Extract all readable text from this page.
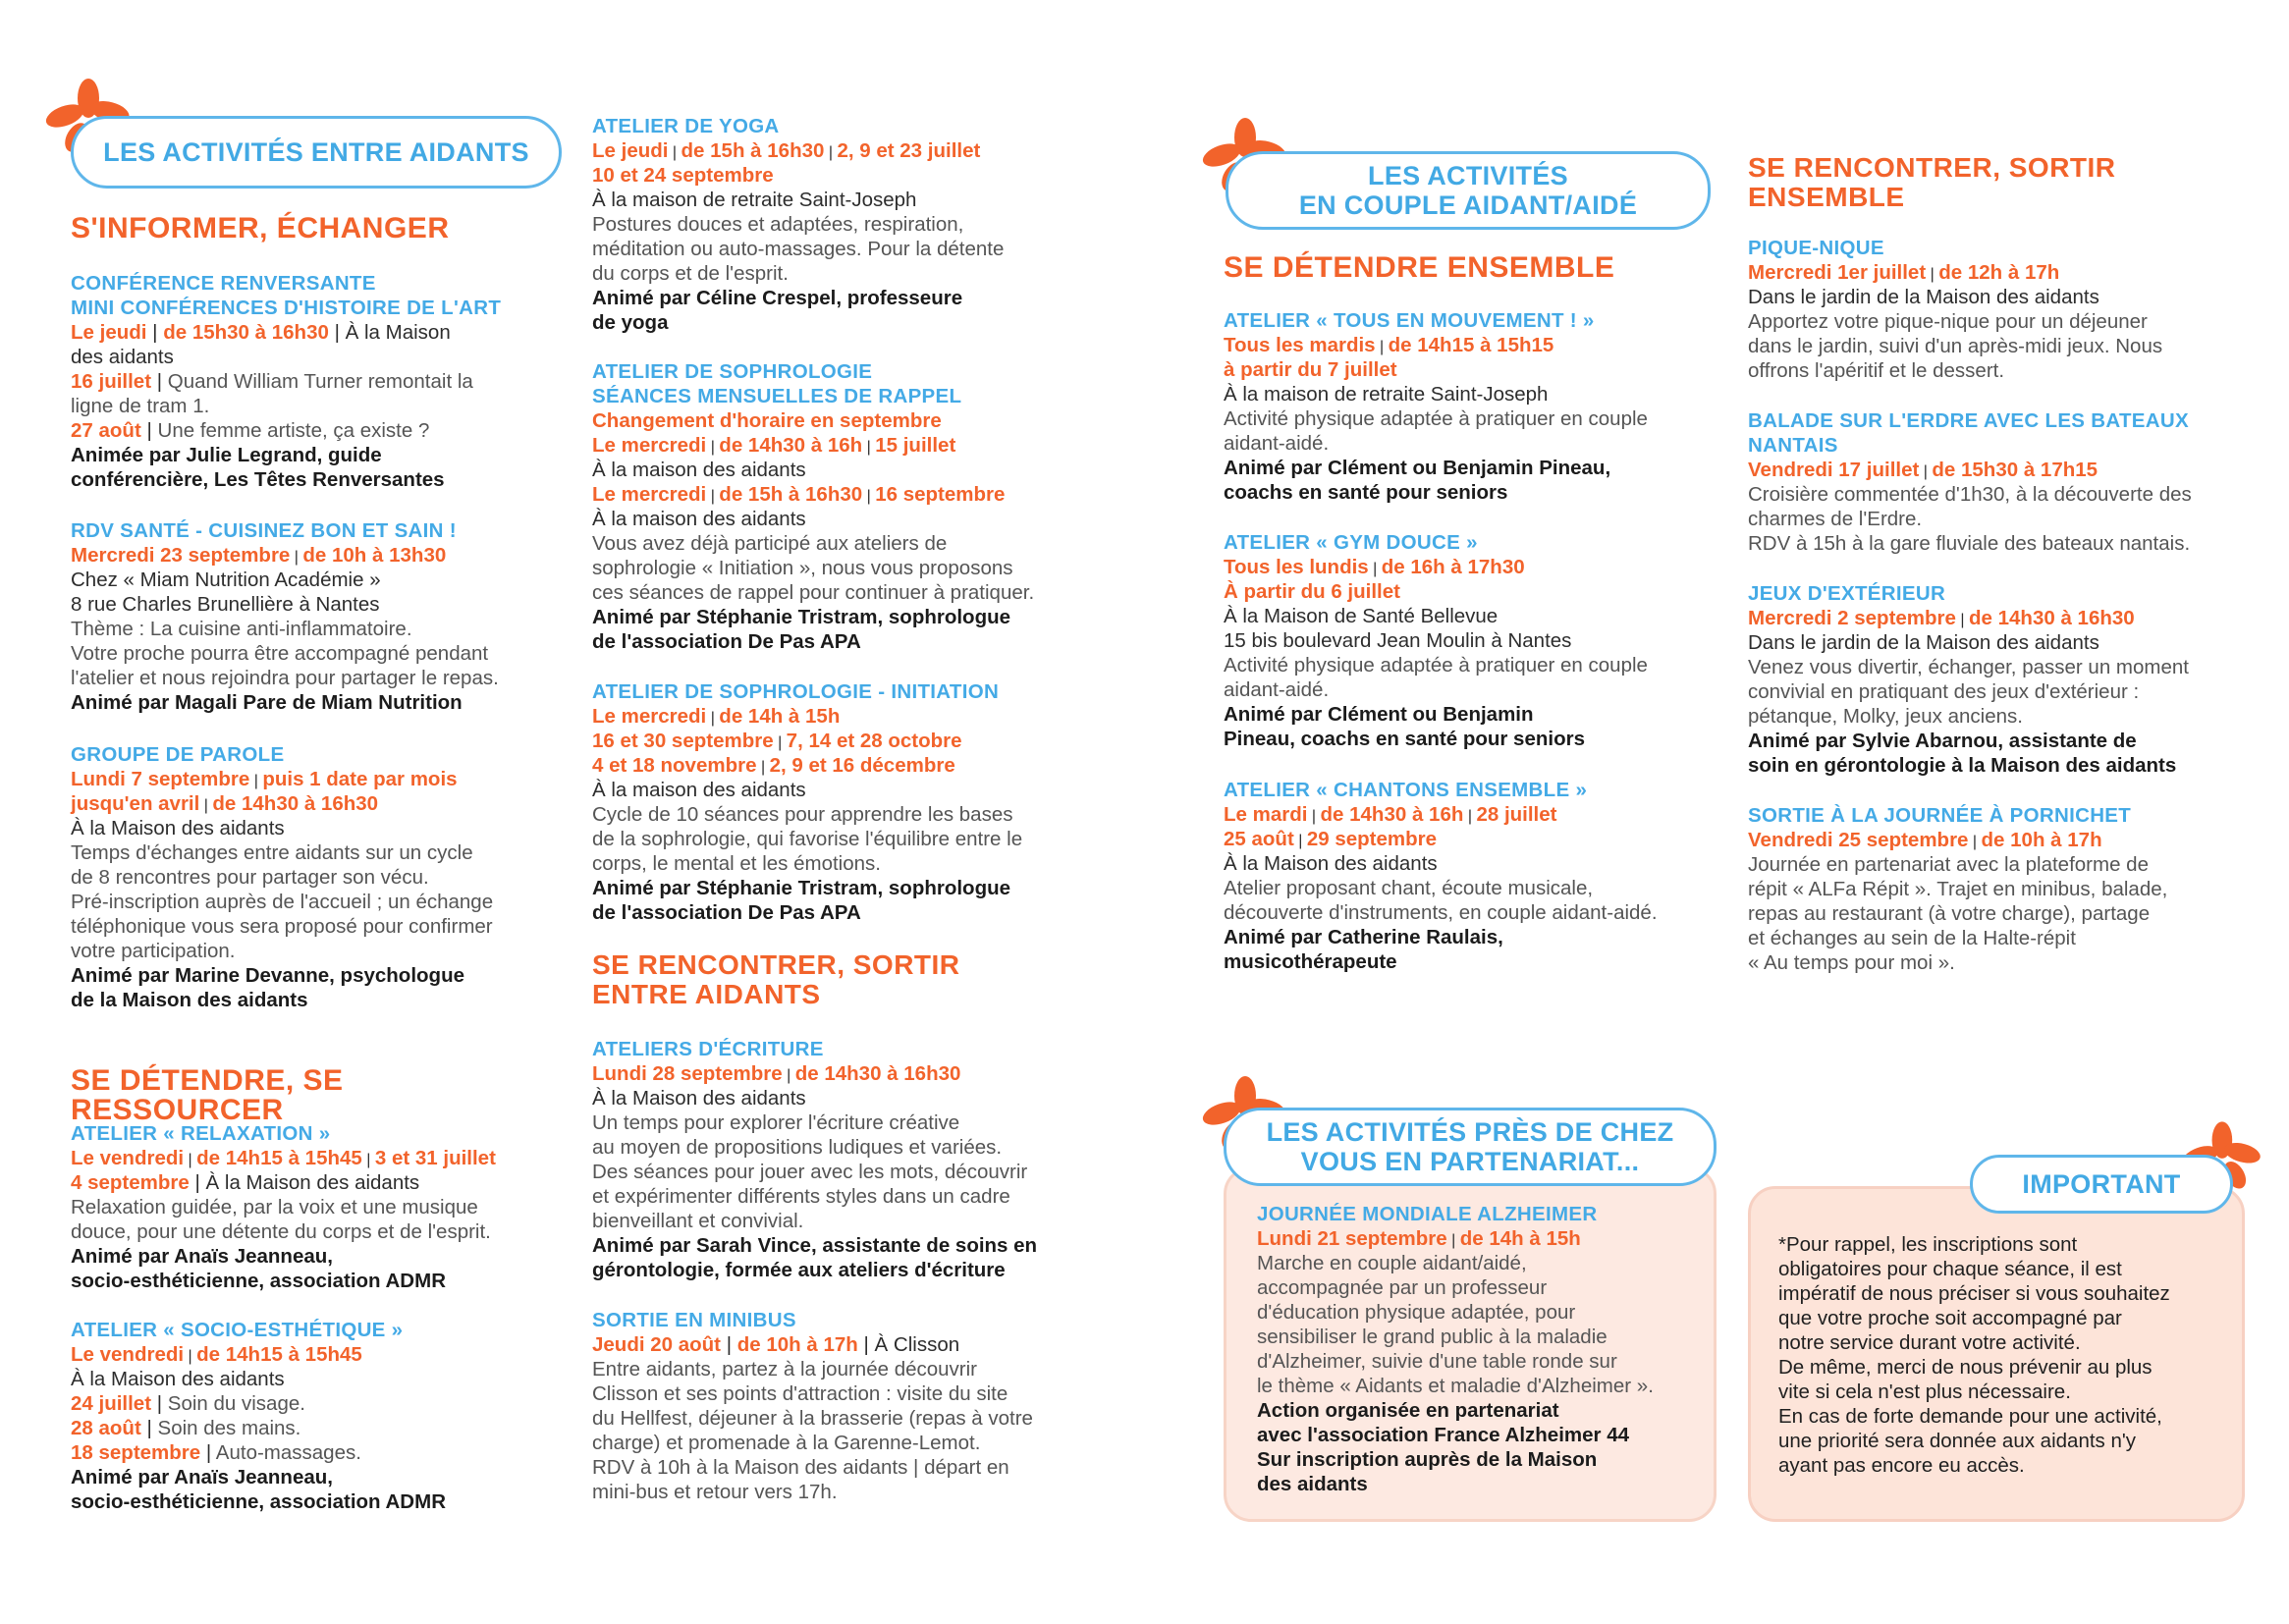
LES ACTIVITÉS ENTRE AIDANTS
LES ACTIVITÉS
EN COUPLE AIDANT/AIDÉ
LES ACTIVITÉS PRÈS DE CHEZ
VOUS EN PARTENARIAT...
IMPORTANT
S'INFORMER, ÉCHANGER
CONFÉRENCE RENVERSANTE
MINI CONFÉRENCES D'HISTOIRE DE L'ART
Le jeudi | de 15h30 à 16h30 | À la Maison
des aidants
16 juillet | Quand William Turner remontait la
ligne de tram 1.
27 août | Une femme artiste, ça existe ?
Animée par Julie Legrand, guide
conférencière, Les Têtes Renversantes
RDV SANTÉ - CUISINEZ BON ET SAIN !
Mercredi 23 septembre | de 10h à 13h30
Chez « Miam Nutrition Académie »
8 rue Charles Brunellière à Nantes
Thème : La cuisine anti-inflammatoire.
Votre proche pourra être accompagné pendant
l'atelier et nous rejoindra pour partager le repas.
Animé par Magali Pare de Miam Nutrition
GROUPE DE PAROLE
Lundi 7 septembre | puis 1 date par mois
jusqu'en avril | de 14h30 à 16h30
À la Maison des aidants
Temps d'échanges entre aidants sur un cycle
de 8 rencontres pour partager son vécu.
Pré-inscription auprès de l'accueil ; un échange
téléphonique vous sera proposé pour confirmer
votre participation.
Animé par Marine Devanne, psychologue
de la Maison des aidants
SE DÉTENDRE, SE RESSOURCER
ATELIER « RELAXATION »
Le vendredi | de 14h15 à 15h45 | 3 et 31 juillet
4 septembre | À la Maison des aidants
Relaxation guidée, par la voix et une musique
douce, pour une détente du corps et de l'esprit.
Animé par Anaïs Jeanneau,
socio-esthéticienne, association ADMR
ATELIER « SOCIO-ESTHÉTIQUE »
Le vendredi | de 14h15 à 15h45
À la Maison des aidants
24 juillet | Soin du visage.
28 août | Soin des mains.
18 septembre | Auto-massages.
Animé par Anaïs Jeanneau,
socio-esthéticienne, association ADMR
ATELIER DE YOGA
Le jeudi | de 15h à 16h30 | 2, 9 et 23 juillet
10 et 24 septembre
À la maison de retraite Saint-Joseph
Postures douces et adaptées, respiration,
méditation ou auto-massages. Pour la détente
du corps et de l'esprit.
Animé par Céline Crespel, professeure
de yoga
ATELIER DE SOPHROLOGIE
SÉANCES MENSUELLES DE RAPPEL
Changement d'horaire en septembre
Le mercredi | de 14h30 à 16h | 15 juillet
À la maison des aidants
Le mercredi | de 15h à 16h30 | 16 septembre
À la maison des aidants
Vous avez déjà participé aux ateliers de
sophrologie « Initiation », nous vous proposons
ces séances de rappel pour continuer à pratiquer.
Animé par Stéphanie Tristram, sophrologue
de l'association De Pas APA
ATELIER DE SOPHROLOGIE - INITIATION
Le mercredi | de 14h à 15h
16 et 30 septembre | 7, 14 et 28 octobre
4 et 18 novembre | 2, 9 et 16 décembre
À la maison des aidants
Cycle de 10 séances pour apprendre les bases
de la sophrologie, qui favorise l'équilibre entre le
corps, le mental et les émotions.
Animé par Stéphanie Tristram, sophrologue
de l'association De Pas APA
SE RENCONTRER, SORTIR
ENTRE AIDANTS
ATELIERS D'ÉCRITURE
Lundi 28 septembre | de 14h30 à 16h30
À la Maison des aidants
Un temps pour explorer l'écriture créative
au moyen de propositions ludiques et variées.
Des séances pour jouer avec les mots, découvrir
et expérimenter différents styles dans un cadre
bienveillant et convivial.
Animé par Sarah Vince, assistante de soins en
gérontologie, formée aux ateliers d'écriture
SORTIE EN MINIBUS
Jeudi 20 août | de 10h à 17h | À Clisson
Entre aidants, partez à la journée découvrir
Clisson et ses points d'attraction : visite du site
du Hellfest, déjeuner à la brasserie (repas à votre
charge) et promenade à la Garenne-Lemot.
RDV à 10h à la Maison des aidants | départ en
mini-bus et retour vers 17h.
SE DÉTENDRE ENSEMBLE
ATELIER « TOUS EN MOUVEMENT ! »
Tous les mardis | de 14h15 à 15h15
à partir du 7 juillet
À la maison de retraite Saint-Joseph
Activité physique adaptée à pratiquer en couple
aidant-aidé.
Animé par Clément ou Benjamin Pineau,
coachs en santé pour seniors
ATELIER « GYM DOUCE »
Tous les lundis | de 16h à 17h30
À partir du 6 juillet
À la Maison de Santé Bellevue
15 bis boulevard Jean Moulin à Nantes
Activité physique adaptée à pratiquer en couple
aidant-aidé.
Animé par Clément ou Benjamin
Pineau, coachs en santé pour seniors
ATELIER « CHANTONS ENSEMBLE »
Le mardi | de 14h30 à 16h | 28 juillet
25 août | 29 septembre
À la Maison des aidants
Atelier proposant chant, écoute musicale,
découverte d'instruments, en couple aidant-aidé.
Animé par Catherine Raulais,
musicothérapeute
JOURNÉE MONDIALE ALZHEIMER
Lundi 21 septembre | de 14h à 15h
Marche en couple aidant/aidé,
accompagnée par un professeur
d'éducation physique adaptée, pour
sensibiliser le grand public à la maladie
d'Alzheimer, suivie d'une table ronde sur
le thème « Aidants et maladie d'Alzheimer ».
Action organisée en partenariat
avec l'association France Alzheimer 44
Sur inscription auprès de la Maison
des aidants
SE RENCONTRER, SORTIR
ENSEMBLE
PIQUE-NIQUE
Mercredi 1er juillet | de 12h à 17h
Dans le jardin de la Maison des aidants
Apportez votre pique-nique pour un déjeuner
dans le jardin, suivi d'un après-midi jeux. Nous
offrons l'apéritif et le dessert.
BALADE SUR L'ERDRE AVEC LES BATEAUX
NANTAIS
Vendredi 17 juillet | de 15h30 à 17h15
Croisière commentée d'1h30, à la découverte des
charmes de l'Erdre.
RDV à 15h à la gare fluviale des bateaux nantais.
JEUX D'EXTÉRIEUR
Mercredi 2 septembre | de 14h30 à 16h30
Dans le jardin de la Maison des aidants
Venez vous divertir, échanger, passer un moment
convivial en pratiquant des jeux d'extérieur :
pétanque, Molky, jeux anciens.
Animé par Sylvie Abarnou, assistante de
soin en gérontologie à la Maison des aidants
SORTIE À LA JOURNÉE À PORNICHET
Vendredi 25 septembre | de 10h à 17h
Journée en partenariat avec la plateforme de
répit « ALFa Répit ». Trajet en minibus, balade,
repas au restaurant (à votre charge), partage
et échanges au sein de la Halte-répit
« Au temps pour moi ».
*Pour rappel, les inscriptions sont
obligatoires pour chaque séance, il est
impératif de nous préciser si vous souhaitez
que votre proche soit accompagné par
notre service durant votre activité.
De même, merci de nous prévenir au plus
vite si cela n'est plus nécessaire.
En cas de forte demande pour une activité,
une priorité sera donnée aux aidants n'y
ayant pas encore eu accès.
